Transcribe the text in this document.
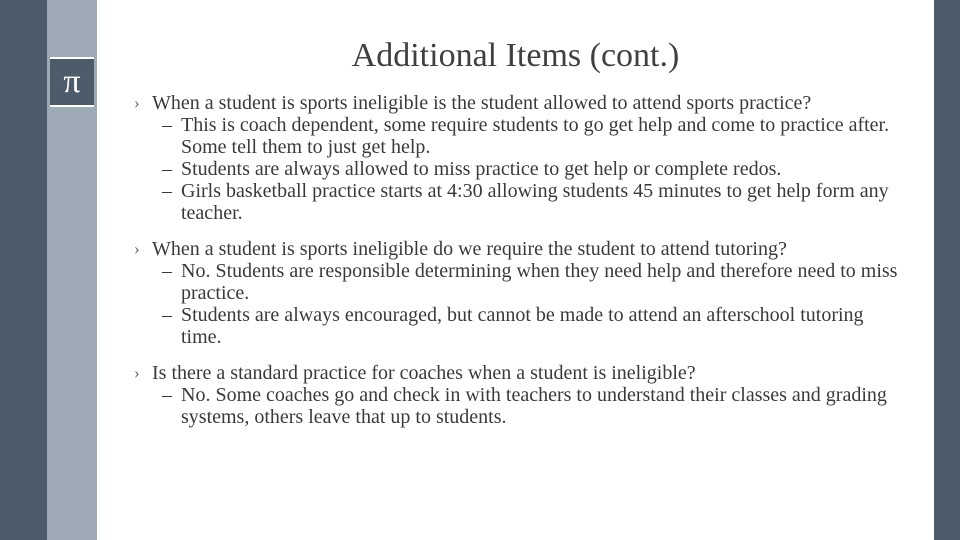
π
Additional Items (cont.)
› When a student is sports ineligible is the student allowed to attend sports practice?
– This is coach dependent, some require students to go get help and come to practice after. Some tell them to just get help.
– Students are always allowed to miss practice to get help or complete redos.
– Girls basketball practice starts at 4:30 allowing students 45 minutes to get help form any teacher.
› When a student is sports ineligible do we require the student to attend tutoring?
– No. Students are responsible determining when they need help and therefore need to miss practice.
– Students are always encouraged, but cannot be made to attend an afterschool tutoring time.
› Is there a standard practice for coaches when a student is ineligible?
– No. Some coaches go and check in with teachers to understand their classes and grading systems, others leave that up to students.
